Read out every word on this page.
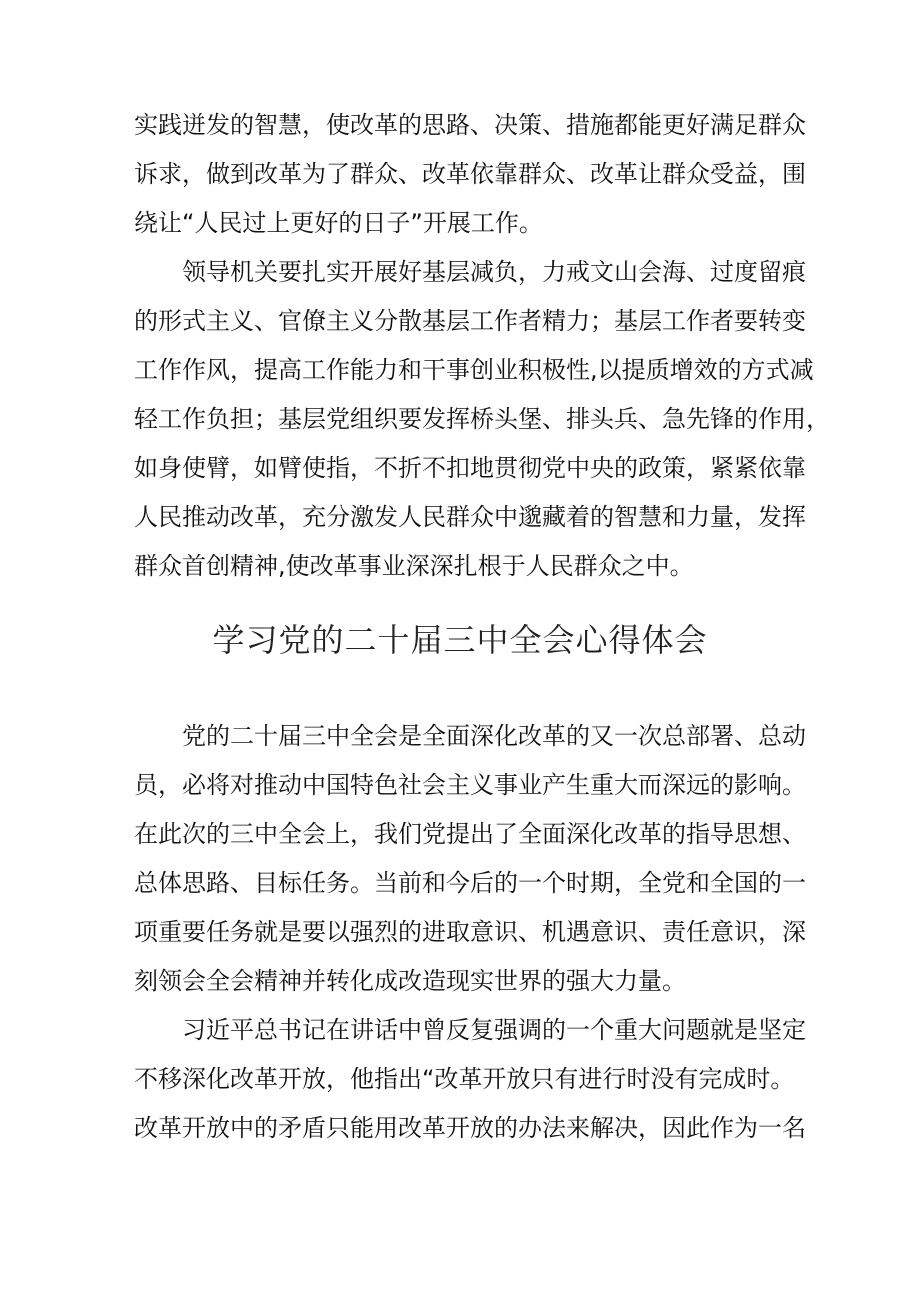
实践迸发的智慧，使改革的思路、决策、措施都能更好满足群众
诉求，做到改革为了群众、改革依靠群众、改革让群众受益，围
绕让“人民过上更好的日子”开展工作。
领导机关要扎实开展好基层减负，力戒文山会海、过度留痕
的形式主义、官僚主义分散基层工作者精力；基层工作者要转变
工作作风，提高工作能力和干事创业积极性,以提质增效的方式减
轻工作负担；基层党组织要发挥桥头堡、排头兵、急先锋的作用，
如身使臂，如臂使指，不折不扣地贯彻党中央的政策，紧紧依靠
人民推动改革，充分激发人民群众中邈藏着的智慧和力量，发挥
群众首创精神,使改革事业深深扎根于人民群众之中。
学习党的二十届三中全会心得体会
党的二十届三中全会是全面深化改革的又一次总部署、总动
员，必将对推动中国特色社会主义事业产生重大而深远的影响。
在此次的三中全会上，我们党提出了全面深化改革的指导思想、
总体思路、目标任务。当前和今后的一个时期，全党和全国的一
项重要任务就是要以强烈的进取意识、机遇意识、责任意识，深
刻领会全会精神并转化成改造现实世界的强大力量。
习近平总书记在讲话中曾反复强调的一个重大问题就是坚定
不移深化改革开放，他指出“改革开放只有进行时没有完成时。
改革开放中的矛盾只能用改革开放的办法来解决，因此作为一名
